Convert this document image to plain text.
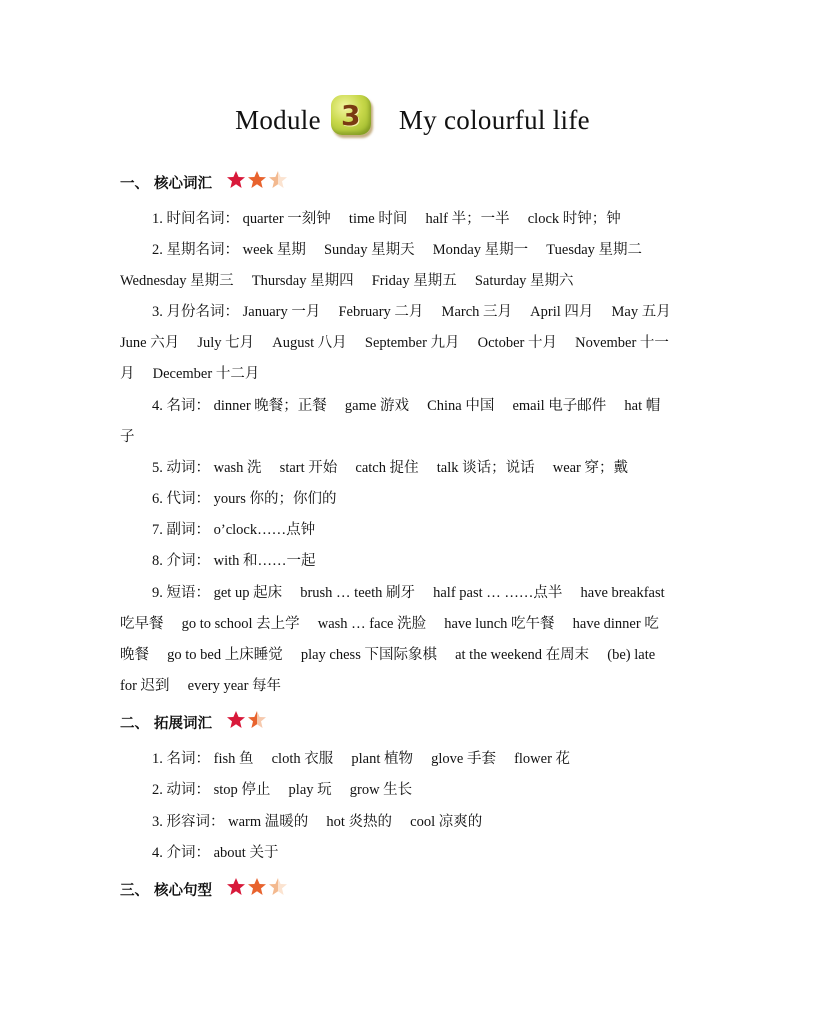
Module 3	My colourful life
一、 核心词汇
1. 时间名词： quarter 一刻钟　 time 时间　 half 半；一半　 clock 时钟；钟
2. 星期名词： week 星期　 Sunday 星期天　 Monday 星期一　 Tuesday 星期二
Wednesday 星期三　 Thursday 星期四　 Friday 星期五　 Saturday 星期六
3. 月份名词： January 一月　 February 二月　 March 三月　 April 四月　 May 五月
June 六月　 July 七月　 August 八月　 September 九月　 October 十月　 November 十一
月　 December 十二月
4. 名词： dinner 晚餐；正餐　 game 游戏　 China 中国　 email 电子邮件　 hat 帽
子
5. 动词： wash 洗　 start 开始　 catch 捉住　 talk 谈话；说话　 wear 穿；戴
6. 代词： yours 你的；你们的
7. 副词： o’clock……点钟
8. 介词： with 和……一起
9. 短语： get up 起床　 brush … teeth 刷牙　 half past … ……点半　 have breakfast
吃早餐　 go to school 去上学　 wash … face 洗脸　 have lunch 吃午餐　 have dinner 吃
晚餐　 go to bed 上床睡觉　 play chess 下国际象棋　 at the weekend 在周末　 (be) late
for 迟到　 every year 每年
二、 拓展词汇
1. 名词： fish 鱼　 cloth 衣服　 plant 植物　 glove 手套　 flower 花
2. 动词： stop 停止　 play 玩　 grow 生长
3. 形容词： warm 温暖的　 hot 炎热的　 cool 凉爽的
4. 介词： about 关于
三、 核心句型
